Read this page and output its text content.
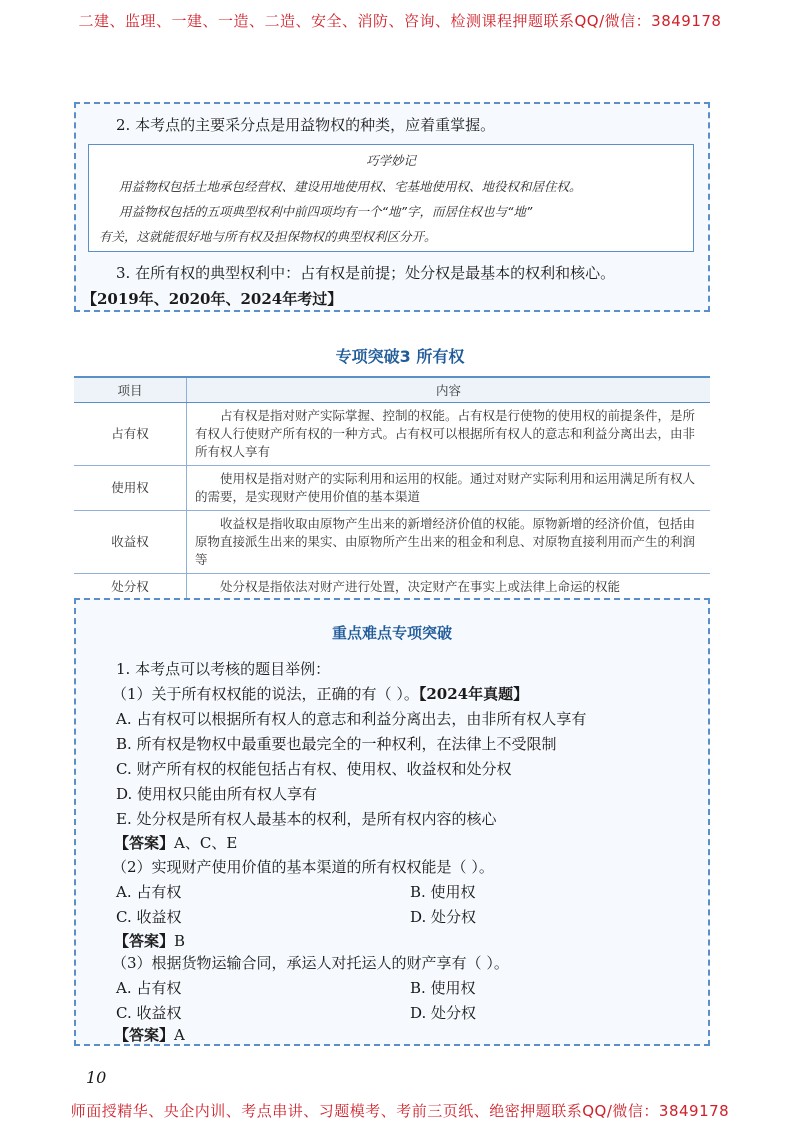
二建、监理、一建、一造、二造、安全、消防、咨询、检测课程押题联系QQ/微信：3849178
2. 本考点的主要采分点是用益物权的种类，应着重掌握。
巧学妙记
用益物权包括土地承包经营权、建设用地使用权、宅基地使用权、地役权和居住权。
用益物权包括的五项典型权利中前四项均有一个“地”字，而居住权也与“地”
有关，这就能很好地与所有权及担保物权的典型权利区分开。
3. 在所有权的典型权利中：占有权是前提；处分权是最基本的权利和核心。
【2019年、2020年、2024年考过】
专项突破3 所有权
项目	内容
占有权	占有权是指对财产实际掌握、控制的权能。占有权是行使物的使用权的前提条件，是所有权人行使财产所有权的一种方式。占有权可以根据所有权人的意志和利益分离出去，由非所有权人享有
使用权	使用权是指对财产的实际利用和运用的权能。通过对财产实际利用和运用满足所有权人的需要，是实现财产使用价值的基本渠道
收益权	收益权是指收取由原物产生出来的新增经济价值的权能。原物新增的经济价值，包括由原物直接派生出来的果实、由原物所产生出来的租金和利息、对原物直接利用而产生的利润等
处分权	处分权是指依法对财产进行处置，决定财产在事实上或法律上命运的权能
重点难点专项突破
1. 本考点可以考核的题目举例：
（1）关于所有权权能的说法，正确的有（ ）。【2024年真题】
A. 占有权可以根据所有权人的意志和利益分离出去，由非所有权人享有
B. 所有权是物权中最重要也最完全的一种权利，在法律上不受限制
C. 财产所有权的权能包括占有权、使用权、收益权和处分权
D. 使用权只能由所有权人享有
E. 处分权是所有权人最基本的权利，是所有权内容的核心
【答案】A、C、E
（2）实现财产使用价值的基本渠道的所有权权能是（ ）。
A. 占有权	B. 使用权
C. 收益权	D. 处分权
【答案】B
（3）根据货物运输合同，承运人对托运人的财产享有（ ）。
A. 占有权	B. 使用权
C. 收益权	D. 处分权
【答案】A
10
师面授精华、央企内训、考点串讲、习题模考、考前三页纸、绝密押题联系QQ/微信：3849178
